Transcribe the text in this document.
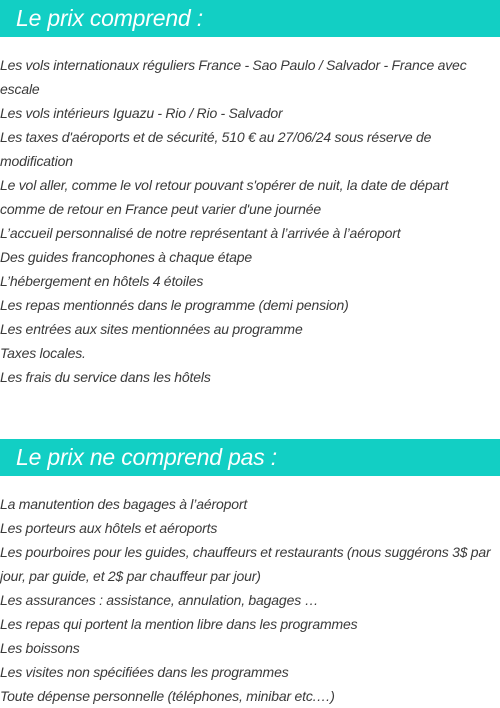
Le prix comprend :
Les vols internationaux réguliers France - Sao Paulo / Salvador - France avec escale
Les vols intérieurs Iguazu - Rio / Rio - Salvador
Les taxes d'aéroports et de sécurité, 510 € au 27/06/24 sous réserve de modification
Le vol aller, comme le vol retour pouvant s'opérer de nuit, la date de départ comme de retour en France peut varier d'une journée
L’accueil personnalisé de notre représentant à l’arrivée à l’aéroport
Des guides francophones à chaque étape
L’hébergement en hôtels 4 étoiles
Les repas mentionnés dans le programme (demi pension)
Les entrées aux sites mentionnées au programme
Taxes locales.
Les frais du service dans les hôtels
Le prix ne comprend pas :
La manutention des bagages à l’aéroport
Les porteurs aux hôtels et aéroports
Les pourboires pour les guides, chauffeurs et restaurants (nous suggérons 3$ par jour, par guide, et 2$ par chauffeur par jour)
Les assurances : assistance, annulation, bagages …
Les repas qui portent la mention libre dans les programmes
Les boissons
Les visites non spécifiées dans les programmes
Toute dépense personnelle (téléphones, minibar etc.…)
